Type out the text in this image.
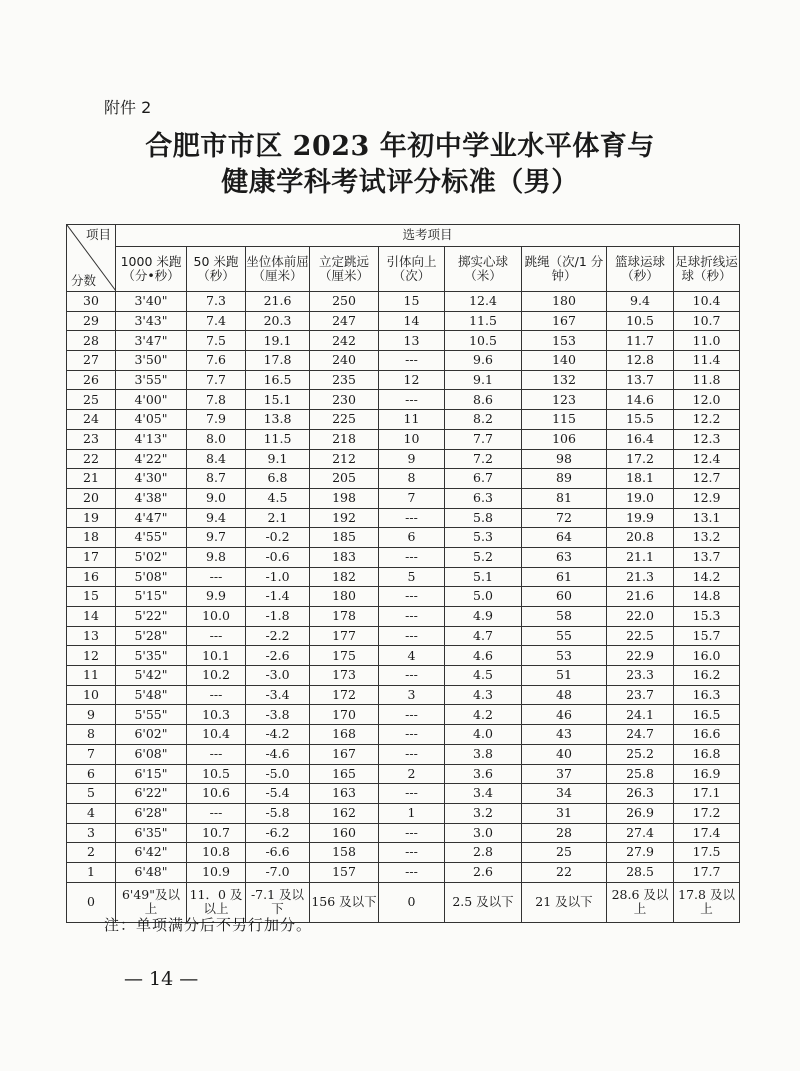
附件 2
合肥市市区 2023 年初中学业水平体育与
健康学科考试评分标准（男）
项目
分数	选考项目								
	1000 米跑（分•秒）	50 米跑（秒）	坐位体前屈（厘米）	立定跳远（厘米）	引体向上（次）	掷实心球（米）	跳绳（次/1 分钟）	篮球运球（秒）	足球折线运球（秒）
30	3'40"	7.3	21.6	250	15	12.4	180	9.4	10.4
29	3'43"	7.4	20.3	247	14	11.5	167	10.5	10.7
28	3'47"	7.5	19.1	242	13	10.5	153	11.7	11.0
27	3'50"	7.6	17.8	240	---	9.6	140	12.8	11.4
26	3'55"	7.7	16.5	235	12	9.1	132	13.7	11.8
25	4'00"	7.8	15.1	230	---	8.6	123	14.6	12.0
24	4'05"	7.9	13.8	225	11	8.2	115	15.5	12.2
23	4'13"	8.0	11.5	218	10	7.7	106	16.4	12.3
22	4'22"	8.4	9.1	212	9	7.2	98	17.2	12.4
21	4'30"	8.7	6.8	205	8	6.7	89	18.1	12.7
20	4'38"	9.0	4.5	198	7	6.3	81	19.0	12.9
19	4'47"	9.4	2.1	192	---	5.8	72	19.9	13.1
18	4'55"	9.7	-0.2	185	6	5.3	64	20.8	13.2
17	5'02"	9.8	-0.6	183	---	5.2	63	21.1	13.7
16	5'08"	---	-1.0	182	5	5.1	61	21.3	14.2
15	5'15"	9.9	-1.4	180	---	5.0	60	21.6	14.8
14	5'22"	10.0	-1.8	178	---	4.9	58	22.0	15.3
13	5'28"	---	-2.2	177	---	4.7	55	22.5	15.7
12	5'35"	10.1	-2.6	175	4	4.6	53	22.9	16.0
11	5'42"	10.2	-3.0	173	---	4.5	51	23.3	16.2
10	5'48"	---	-3.4	172	3	4.3	48	23.7	16.3
9	5'55"	10.3	-3.8	170	---	4.2	46	24.1	16.5
8	6'02"	10.4	-4.2	168	---	4.0	43	24.7	16.6
7	6'08"	---	-4.6	167	---	3.8	40	25.2	16.8
6	6'15"	10.5	-5.0	165	2	3.6	37	25.8	16.9
5	6'22"	10.6	-5.4	163	---	3.4	34	26.3	17.1
4	6'28"	---	-5.8	162	1	3.2	31	26.9	17.2
3	6'35"	10.7	-6.2	160	---	3.0	28	27.4	17.4
2	6'42"	10.8	-6.6	158	---	2.8	25	27.9	17.5
1	6'48"	10.9	-7.0	157	---	2.6	22	28.5	17.7
0	6'49"及以上	11．0 及以上	-7.1 及以下	156 及以下	0	2.5 及以下	21 及以下	28.6 及以上	17.8 及以上
注：单项满分后不另行加分。
— 14 —
